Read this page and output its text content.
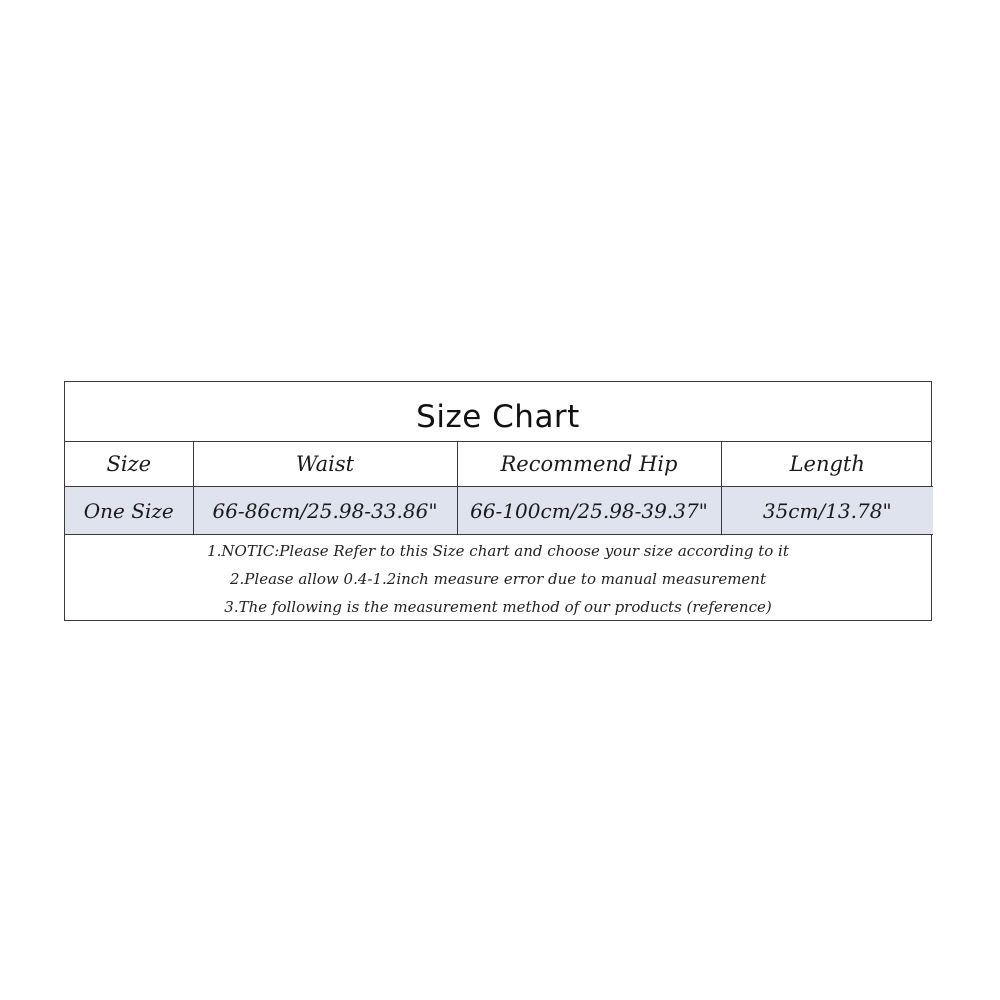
Size Chart
Size	Waist	Recommend Hip	Length
One Size	66-86cm/25.98-33.86"	66-100cm/25.98-39.37"	35cm/13.78"
1.NOTIC:Please Refer to this Size chart and choose your size according to it
2.Please allow 0.4-1.2inch measure error due to manual measurement
3.The following is the measurement method of our products (reference)
